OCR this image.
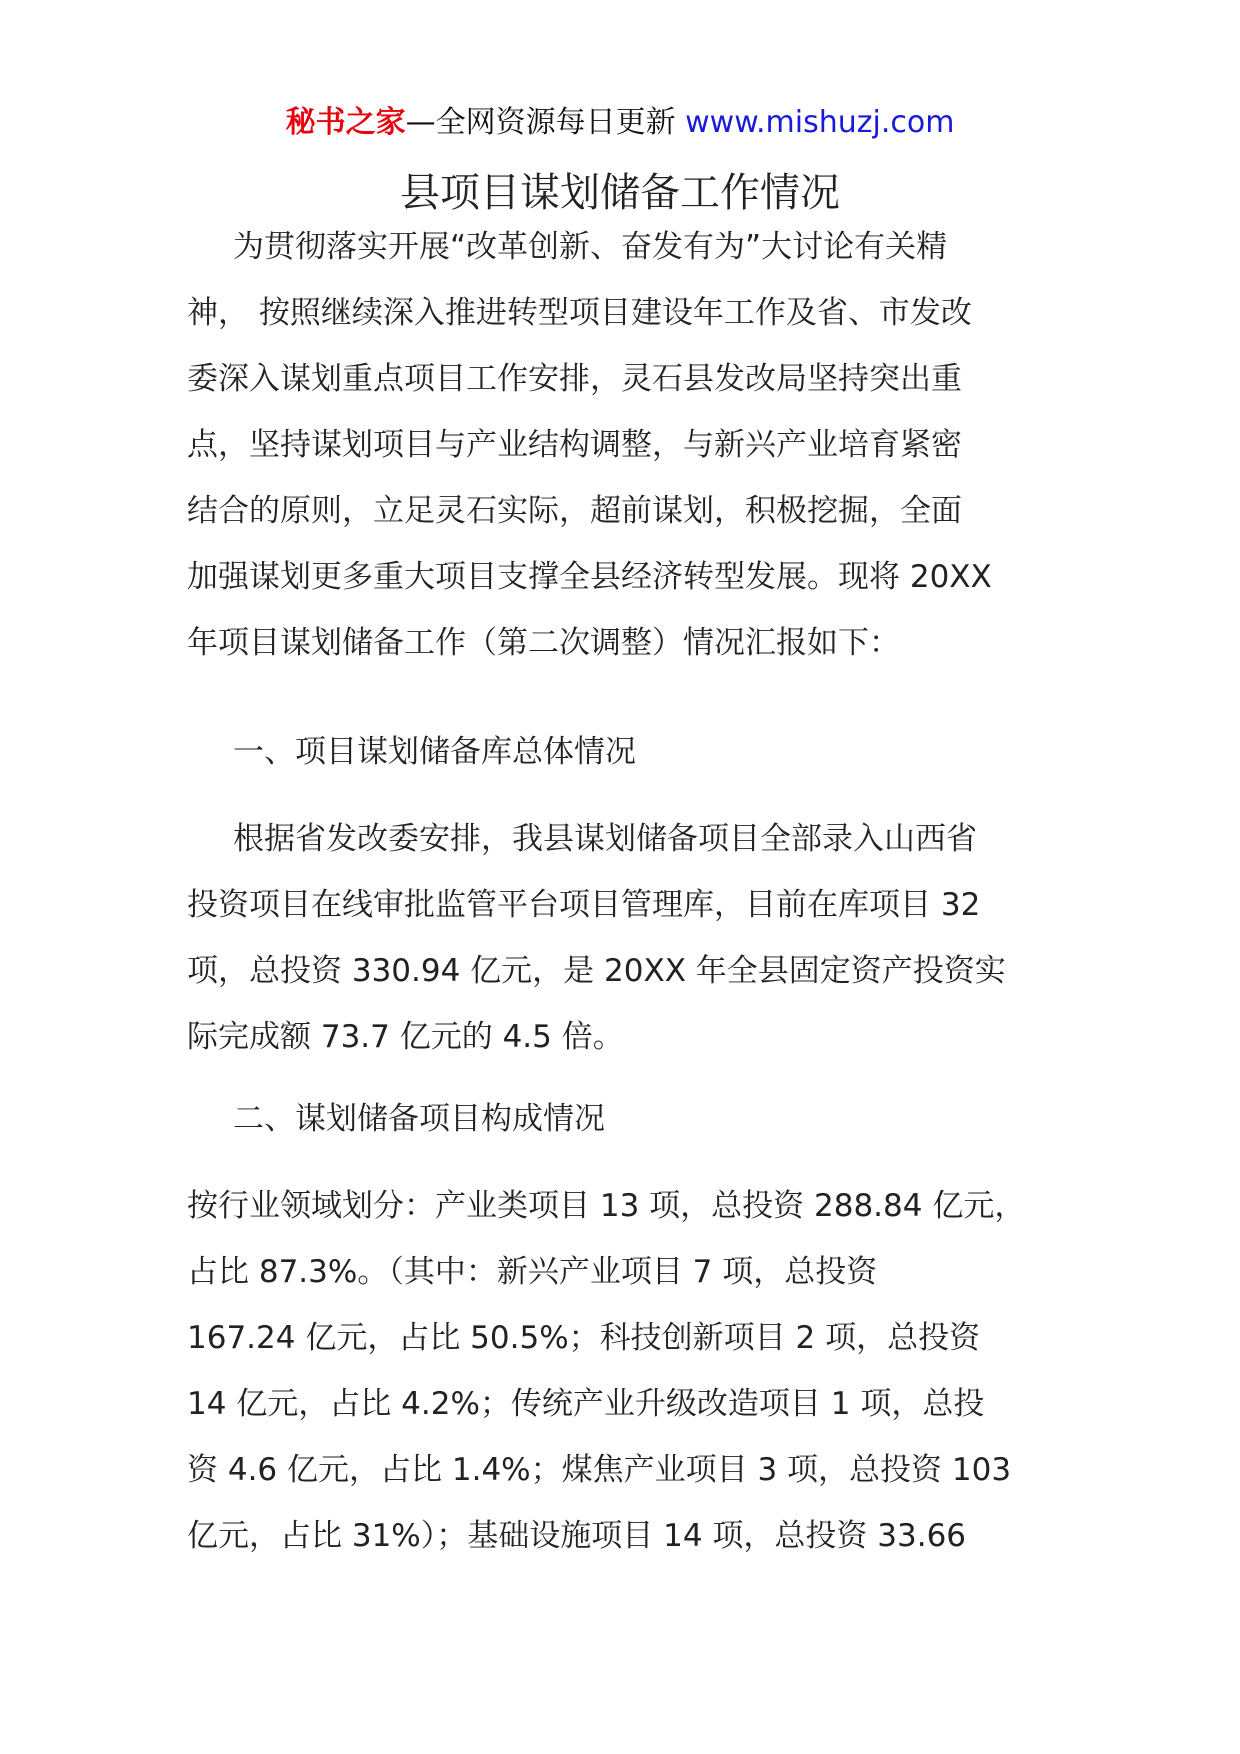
秘书之家—全网资源每日更新 www.mishuzj.com
县项目谋划储备工作情况
为贯彻落实开展“改革创新、奋发有为”大讨论有关精
神， 按照继续深入推进转型项目建设年工作及省、市发改
委深入谋划重点项目工作安排，灵石县发改局坚持突出重
点，坚持谋划项目与产业结构调整，与新兴产业培育紧密
结合的原则，立足灵石实际，超前谋划，积极挖掘，全面
加强谋划更多重大项目支撑全县经济转型发展。现将 20XX
年项目谋划储备工作（第二次调整）情况汇报如下：
一、项目谋划储备库总体情况
根据省发改委安排，我县谋划储备项目全部录入山西省
投资项目在线审批监管平台项目管理库，目前在库项目 32
项，总投资 330.94 亿元，是 20XX 年全县固定资产投资实
际完成额 73.7 亿元的 4.5 倍。
二、谋划储备项目构成情况
按行业领域划分：产业类项目 13 项，总投资 288.84 亿元，
占比 87.3%。（其中：新兴产业项目 7 项，总投资
167.24 亿元，占比 50.5%；科技创新项目 2 项，总投资
14 亿元，占比 4.2%；传统产业升级改造项目 1 项，总投
资 4.6 亿元，占比 1.4%；煤焦产业项目 3 项，总投资 103
亿元，占比 31%）；基础设施项目 14 项，总投资 33.66
